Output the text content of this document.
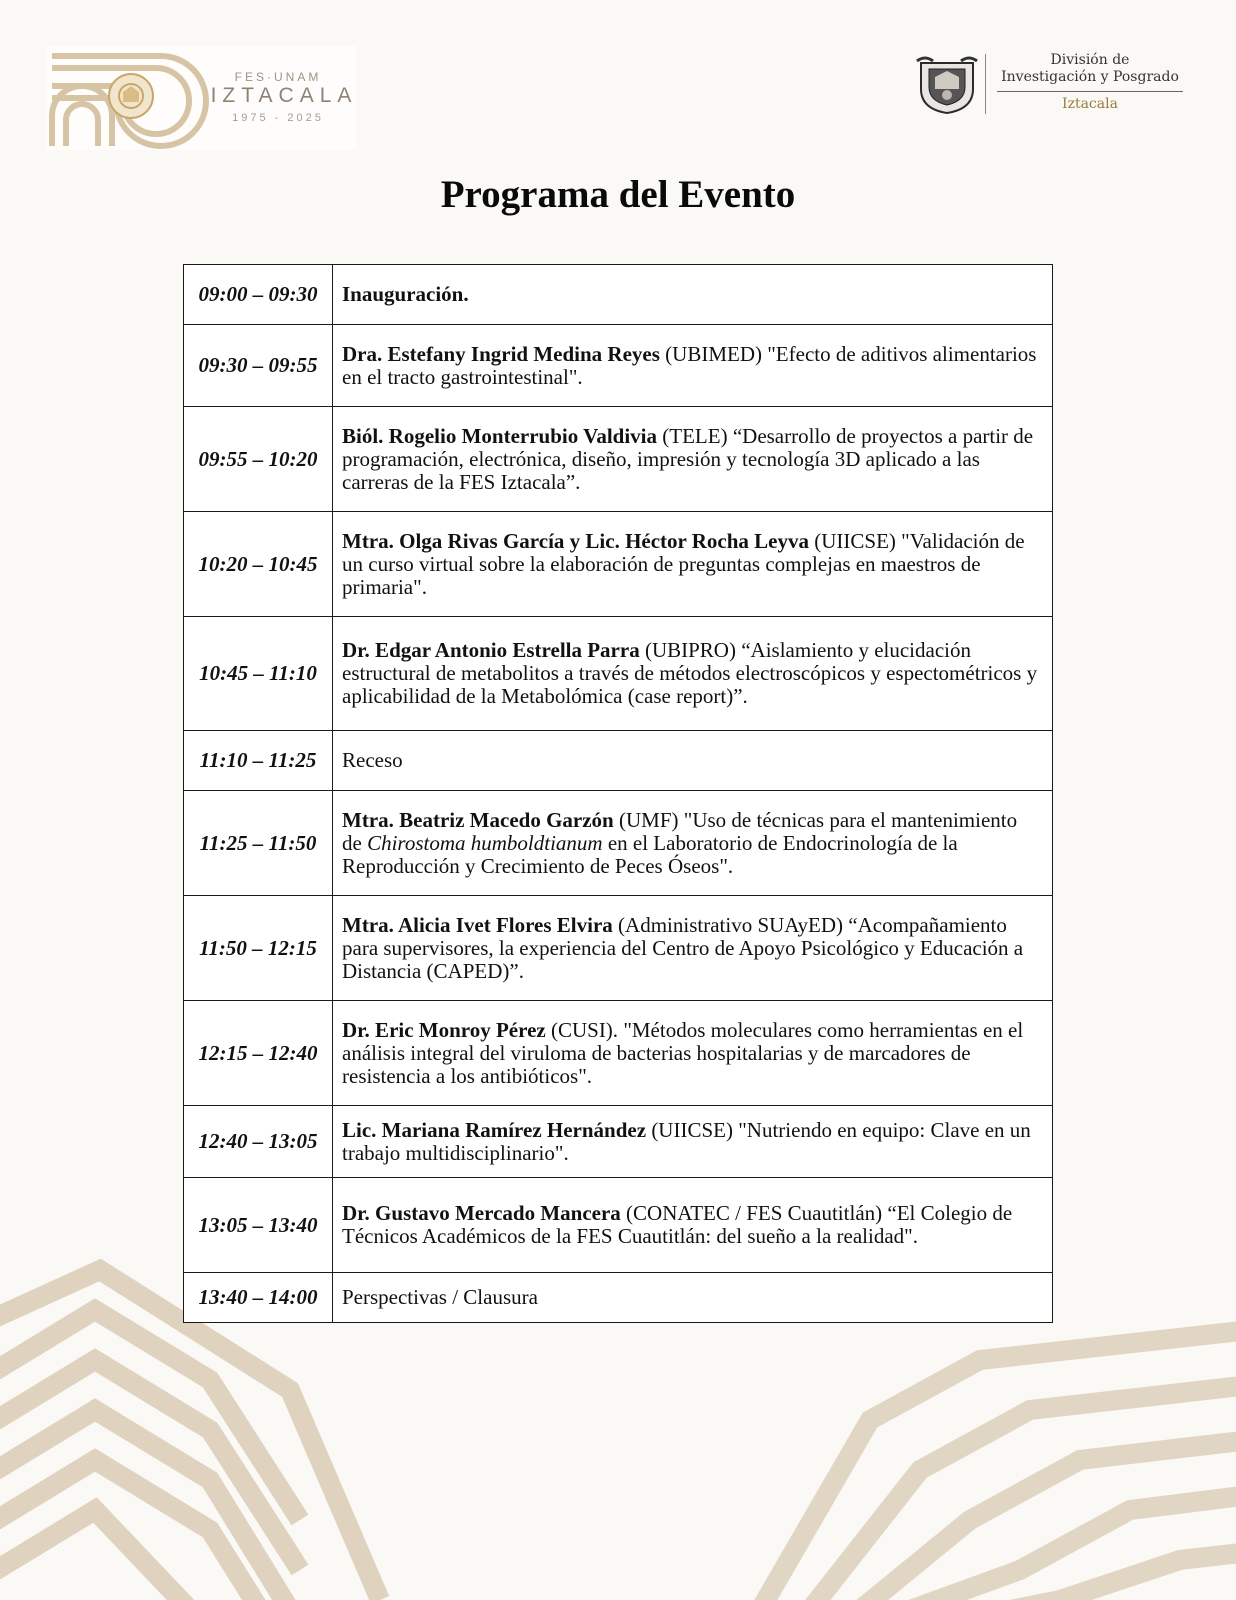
FES·UNAM
IZTACALA
1975 - 2025
División de
Investigación y Posgrado
Iztacala
Programa del Evento
09:00 – 09:30	Inauguración.
09:30 – 09:55	Dra. Estefany Ingrid Medina Reyes (UBIMED) "Efecto de aditivos alimentarios en el tracto gastrointestinal".
09:55 – 10:20	Biól. Rogelio Monterrubio Valdivia (TELE) “Desarrollo de proyectos a partir de programación, electrónica, diseño, impresión y tecnología 3D aplicado a las carreras de la FES Iztacala”.
10:20 – 10:45	Mtra. Olga Rivas García y Lic. Héctor Rocha Leyva (UIICSE) "Validación de un curso virtual sobre la elaboración de preguntas complejas en maestros de primaria".
10:45 – 11:10	Dr. Edgar Antonio Estrella Parra (UBIPRO) “Aislamiento y elucidación estructural de metabolitos a través de métodos electroscópicos y espectométricos y aplicabilidad de la Metabolómica (case report)”.
11:10 – 11:25	Receso
11:25 – 11:50	Mtra. Beatriz Macedo Garzón (UMF) "Uso de técnicas para el mantenimiento de Chirostoma humboldtianum en el Laboratorio de Endocrinología de la Reproducción y Crecimiento de Peces Óseos".
11:50 – 12:15	Mtra. Alicia Ivet Flores Elvira (Administrativo SUAyED) “Acompañamiento para supervisores, la experiencia del Centro de Apoyo Psicológico y Educación a Distancia (CAPED)”.
12:15 – 12:40	Dr. Eric Monroy Pérez (CUSI). "Métodos moleculares como herramientas en el análisis integral del viruloma de bacterias hospitalarias y de marcadores de resistencia a los antibióticos".
12:40 – 13:05	Lic. Mariana Ramírez Hernández (UIICSE) "Nutriendo en equipo: Clave en un trabajo multidisciplinario".
13:05 – 13:40	Dr. Gustavo Mercado Mancera (CONATEC / FES Cuautitlán) “El Colegio de Técnicos Académicos de la FES Cuautitlán: del sueño a la realidad".
13:40 – 14:00	Perspectivas / Clausura
